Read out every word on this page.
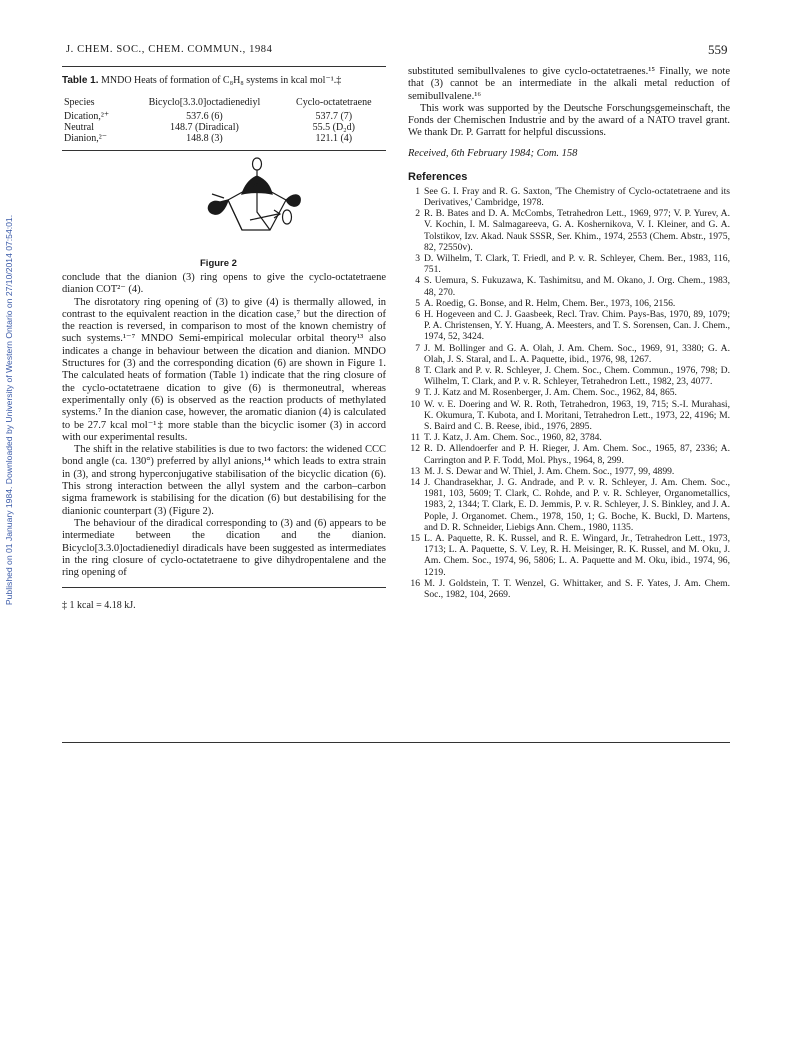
Published on 01 January 1984. Downloaded by University of Western Ontario on 27/10/2014 07:54:01.
J. CHEM. SOC., CHEM. COMMUN., 1984	559
Table 1. MNDO Heats of formation of C₈H₈ systems in kcal mol⁻¹.‡
Species	Bicyclo[3.3.0]octadienediyl	Cyclo-octatetraene
Dication,²⁺	537.6 (6)	537.7 (7)
Neutral	148.7 (Diradical)	55.5 (D₂d)
Dianion,²⁻	148.8 (3)	121.1 (4)
Figure 2

conclude that the dianion (3) ring opens to give the cyclo-octatetraene dianion COT²⁻ (4).

The disrotatory ring opening of (3) to give (4) is thermally allowed, in contrast to the equivalent reaction in the dication case,⁷ but the direction of the reaction is reversed, in comparison to most of the known chemistry of such systems.¹⁻⁷ MNDO Semi-empirical molecular orbital theory¹³ also indicates a change in behaviour between the dication and dianion. MNDO Structures for (3) and the corresponding dication (6) are shown in Figure 1. The calculated heats of formation (Table 1) indicate that the ring closure of the cyclo-octatetraene dication to give (6) is thermoneutral, whereas experimentally only (6) is observed as the reaction products of methylated systems.⁷ In the dianion case, however, the aromatic dianion (4) is calculated to be 27.7 kcal mol⁻¹‡ more stable than the bicyclic isomer (3) in accord with our experimental results.

The shift in the relative stabilities is due to two factors: the widened CCC bond angle (ca. 130°) preferred by allyl anions,¹⁴ which leads to extra strain in (3), and strong hyperconjugative stabilisation of the bicyclic dication (6). This strong interaction between the allyl system and the carbon–carbon sigma framework is stabilising for the dication (6) but destabilising for the dianionic counterpart (3) (Figure 2).

The behaviour of the diradical corresponding to (3) and (6) appears to be intermediate between the dication and the dianion. Bicyclo[3.3.0]octadienediyl diradicals have been suggested as intermediates in the ring closure of cyclo-octatetraene to give dihydropentalene and the ring opening of

‡ 1 kcal = 4.18 kJ.

substituted semibullvalenes to give cyclo-octatetraenes.¹⁵ Finally, we note that (3) cannot be an intermediate in the alkali metal reduction of semibullvalene.¹⁶

This work was supported by the Deutsche Forschungsgemeinschaft, the Fonds der Chemischen Industrie and by the award of a NATO travel grant. We thank Dr. P. Garratt for helpful discussions.

Received, 6th February 1984; Com. 158
References
1 See G. I. Fray and R. G. Saxton, 'The Chemistry of Cyclo-octatetraene and its Derivatives,' Cambridge, 1978.
2 R. B. Bates and D. A. McCombs, Tetrahedron Lett., 1969, 977; V. P. Yurev, A. V. Kochin, I. M. Salmagareeva, G. A. Koshernikova, V. I. Kleiner, and G. A. Tolstikov, Izv. Akad. Nauk SSSR, Ser. Khim., 1974, 2553 (Chem. Abstr., 1975, 82, 72550v).
3 D. Wilhelm, T. Clark, T. Friedl, and P. v. R. Schleyer, Chem. Ber., 1983, 116, 751.
4 S. Uemura, S. Fukuzawa, K. Tashimitsu, and M. Okano, J. Org. Chem., 1983, 48, 270.
5 A. Roedig, G. Bonse, and R. Helm, Chem. Ber., 1973, 106, 2156.
6 H. Hogeveen and C. J. Gaasbeek, Recl. Trav. Chim. Pays-Bas, 1970, 89, 1079; P. A. Christensen, Y. Y. Huang, A. Meesters, and T. S. Sorensen, Can. J. Chem., 1974, 52, 3424.
7 J. M. Bollinger and G. A. Olah, J. Am. Chem. Soc., 1969, 91, 3380; G. A. Olah, J. S. Staral, and L. A. Paquette, ibid., 1976, 98, 1267.
8 T. Clark and P. v. R. Schleyer, J. Chem. Soc., Chem. Commun., 1976, 798; D. Wilhelm, T. Clark, and P. v. R. Schleyer, Tetrahedron Lett., 1982, 23, 4077.
9 T. J. Katz and M. Rosenberger, J. Am. Chem. Soc., 1962, 84, 865.
10 W. v. E. Doering and W. R. Roth, Tetrahedron, 1963, 19, 715; S.-I. Murahasi, K. Okumura, T. Kubota, and I. Moritani, Tetrahedron Lett., 1973, 22, 4196; M. S. Baird and C. B. Reese, ibid., 1976, 2895.
11 T. J. Katz, J. Am. Chem. Soc., 1960, 82, 3784.
12 R. D. Allendoerfer and P. H. Rieger, J. Am. Chem. Soc., 1965, 87, 2336; A. Carrington and P. F. Todd, Mol. Phys., 1964, 8, 299.
13 M. J. S. Dewar and W. Thiel, J. Am. Chem. Soc., 1977, 99, 4899.
14 J. Chandrasekhar, J. G. Andrade, and P. v. R. Schleyer, J. Am. Chem. Soc., 1981, 103, 5609; T. Clark, C. Rohde, and P. v. R. Schleyer, Organometallics, 1983, 2, 1344; T. Clark, E. D. Jemmis, P. v. R. Schleyer, J. S. Binkley, and J. A. Pople, J. Organomet. Chem., 1978, 150, 1; G. Boche, K. Buckl, D. Martens, and D. R. Schneider, Liebigs Ann. Chem., 1980, 1135.
15 L. A. Paquette, R. K. Russel, and R. E. Wingard, Jr., Tetrahedron Lett., 1973, 1713; L. A. Paquette, S. V. Ley, R. H. Meisinger, R. K. Russel, and M. Oku, J. Am. Chem. Soc., 1974, 96, 5806; L. A. Paquette and M. Oku, ibid., 1974, 96, 1219.
16 M. J. Goldstein, T. T. Wenzel, G. Whittaker, and S. F. Yates, J. Am. Chem. Soc., 1982, 104, 2669.
